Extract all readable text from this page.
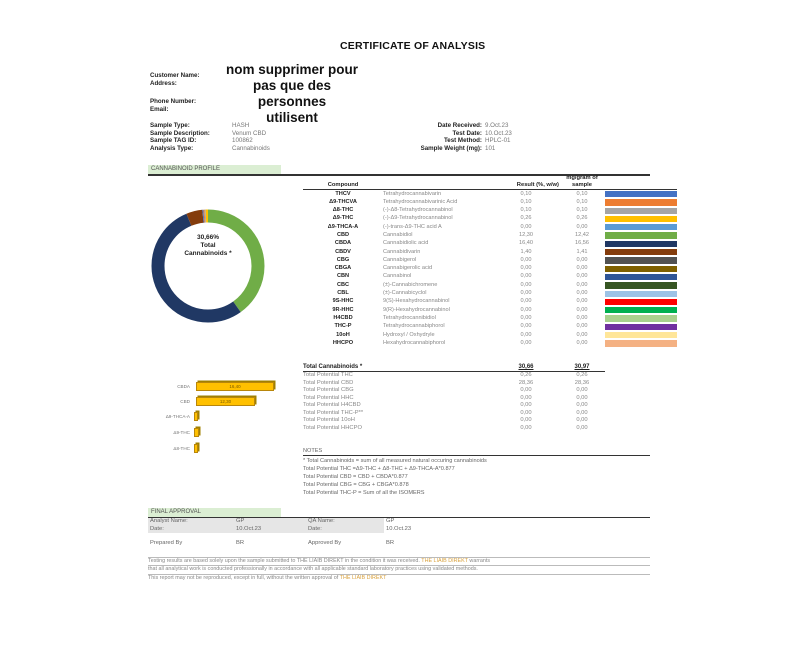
CERTIFICATE OF ANALYSIS
Customer Name:
Address:
Phone Number:
Email:
nom supprimer pour
pas que des personnes
utilisent
Sample Type:	HASH
Sample Description:	Venum CBD
Sample TAG ID:	100862
Analysis Type:	Cannabinoids
Date Received: 9.Oct.23
Test Date: 10.Oct.23
Test Method: HPLC-01
Sample Weight (mg): 101
CANNABINOID PROFILE
30,66%
Total
Cannabinoids *
Compound		Result (%, w/w)	mg/gram of
sample	

THCV	Tetrahydrocannabivarin	0,10	0,10	

Δ9-THCVA	Tetrahydrocannabivarinic Acid	0,10	0,10	

Δ8-THC	(-)-Δ8-Tetrahydrocannabinol	0,10	0,10	

Δ9-THC	(-)-Δ9-Tetrahydrocannabinol	0,26	0,26	

Δ9-THCA-A	(-)-trans-Δ9-THC acid A	0,00	0,00	

CBD	Cannabidiol	12,30	12,42	

CBDA	Cannabidiolic acid	16,40	16,56	

CBDV	Cannabidivarin	1,40	1,41	

CBG	Cannabigerol	0,00	0,00	

CBGA	Cannabigerolic acid	0,00	0,00	

CBN	Cannabinol	0,00	0,00	

CBC	(±)-Cannabichromene	0,00	0,00	

CBL	(±)-Cannabicyclol	0,00	0,00	

9S-HHC	9(S)-Hexahydrocannabinol	0,00	0,00	

9R-HHC	9(R)-Hexahydrocannabinol	0,00	0,00	

H4CBD	Tetrahydrocannibidiol	0,00	0,00	

THC-P	Tetrahydrocannabiphorol	0,00	0,00	

10oH	Hydroxyl / Oxhydryle	0,00	0,00	

HHCPO	Hexahydrocannabiphorol	0,00	0,00	
Total Cannabinoids *	30,66	30,97

Total Potential THC	0,26	0,26
Total Potential CBD	28,36	28,36
Total Potential CBG	0,00	0,00
Total Potential HHC	0,00	0,00
Total Potential H4CBD	0,00	0,00
Total Potential THC-P**	0,00	0,00
Total Potential 10oH	0,00	0,00
Total Potential HHCPO	0,00	0,00
CBDA	16,40
CBD	12,30
Δ9-THCA-A
Δ9-THC
Δ8-THC	NOTES
* Total Cannabinoids = sum of all measured natural occuring cannabinoids
Total Potential THC =Δ9-THC + Δ8-THC + Δ9-THCA-A*0.877
Total Potential CBD = CBD + CBDA*0.877
Total Potential CBG = CBG + CBGA*0.878
Total Potential THC-P = Sum of all the ISOMERS
FINAL APPROVAL
Analyst Name:	GP	QA Name:	GP
Date:	10.Oct.23	Date:	10.Oct.23

Prepared By	BR	Approved By	BR
Testing results are based solely upon the sample submitted to THE LIAIB DIREKT in the condition it was received. THE LIAIB DIREKT warrants
that all analytical work is conducted professionally in accordance with all applicable standard laboratory practices using validated methods.
This report may not be reproduced, except in full, without the written approval of THE LIAIB DIREKT
